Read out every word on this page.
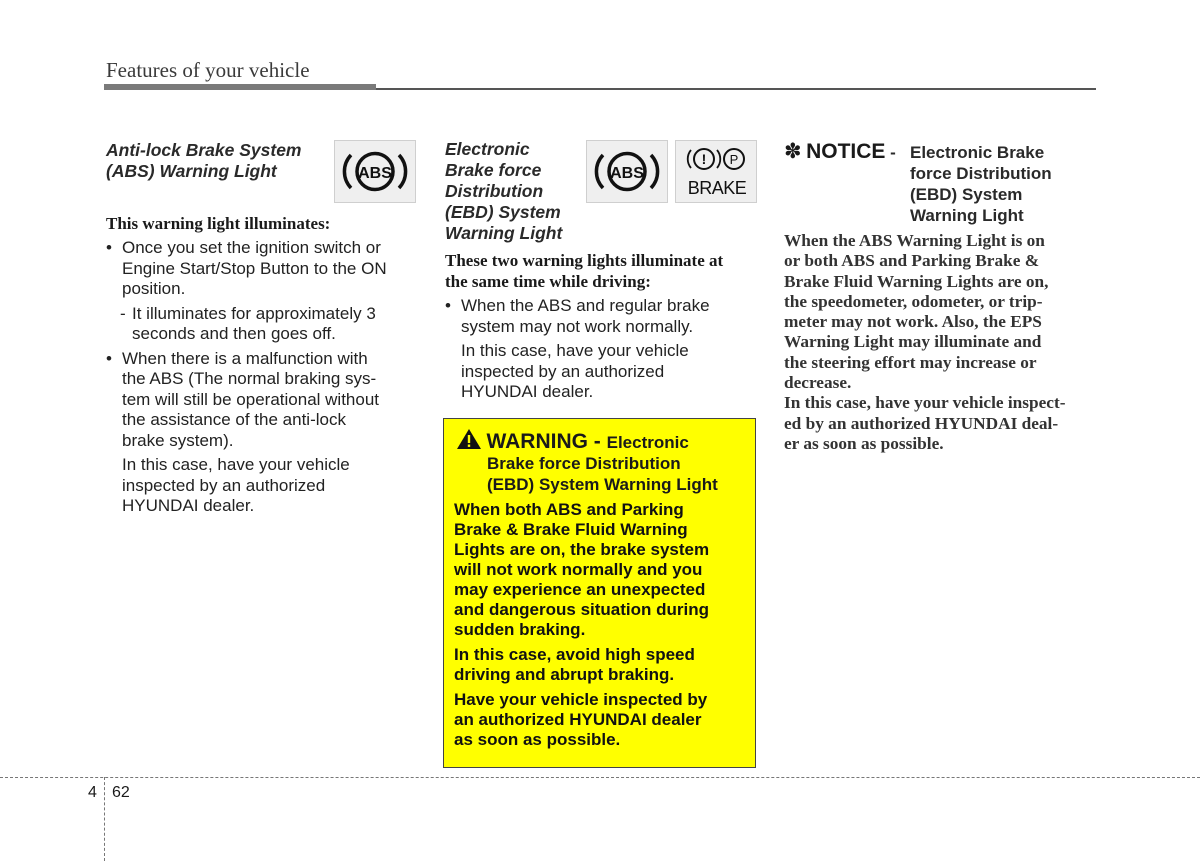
Features of your vehicle
Anti-lock Brake System
(ABS) Warning Light	ABS
This warning light illuminates:
• Once you set the ignition switch or
Engine Start/Stop Button to the ON
position.
- It illuminates for approximately 3
seconds and then goes off.
• When there is a malfunction with
the ABS (The normal braking sys-
tem will still be operational without
the assistance of the anti-lock
brake system).
In this case, have your vehicle
inspected by an authorized
HYUNDAI dealer.
Electronic
Brake force
Distribution
(EBD) System
Warning Light
ABS
! P
BRAKE
These two warning lights illuminate at
the same time while driving:
• When the ABS and regular brake
system may not work normally.
In this case, have your vehicle
inspected by an authorized
HYUNDAI dealer.
WARNING - Electronic
Brake force Distribution
(EBD) System Warning Light
When both ABS and Parking
Brake & Brake Fluid Warning
Lights are on, the brake system
will not work normally and you
may experience an unexpected
and dangerous situation during
sudden braking.
In this case, avoid high speed
driving and abrupt braking.
Have your vehicle inspected by
an authorized HYUNDAI dealer
as soon as possible.
✽ NOTICE - Electronic Brake
force Distribution
(EBD) System
Warning Light
When the ABS Warning Light is on
or both ABS and Parking Brake &
Brake Fluid Warning Lights are on,
the speedometer, odometer, or trip-
meter may not work. Also, the EPS
Warning Light may illuminate and
the steering effort may increase or
decrease.
In this case, have your vehicle inspect-
ed by an authorized HYUNDAI deal-
er as soon as possible.
4 62
